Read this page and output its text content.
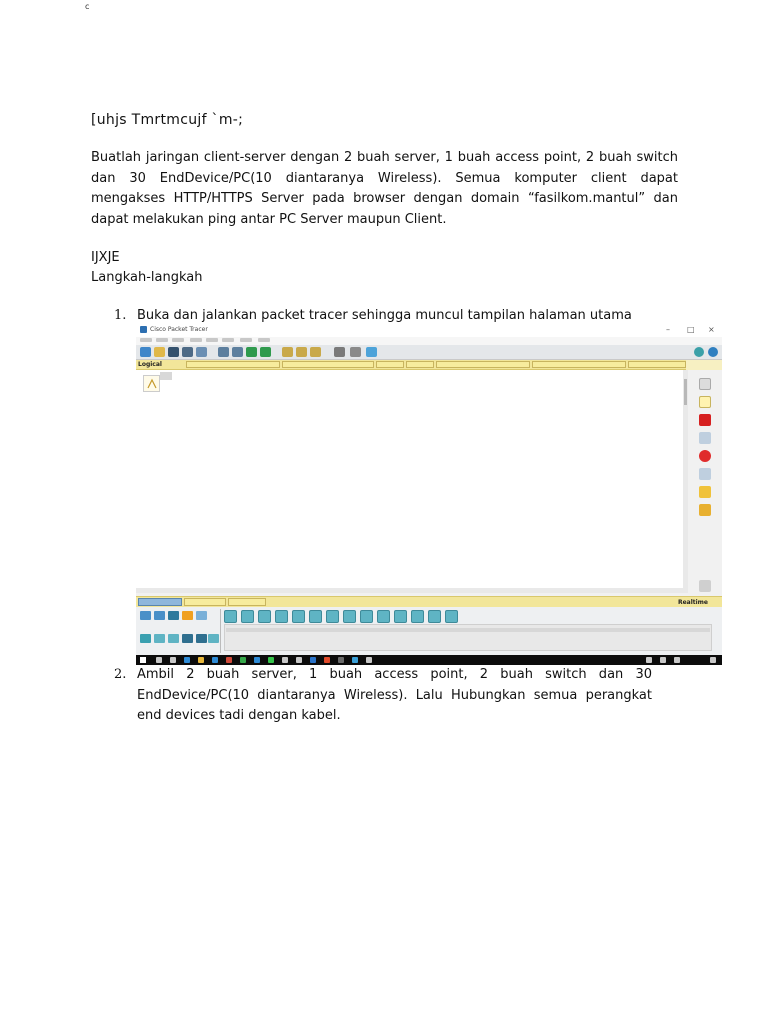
c
[uhjs Tmrtmcujf `m-;

Buatlah jaringan client-server dengan 2 buah server, 1 buah access point, 2 buah switch dan 30 EndDevice/PC(10 diantaranya Wireless). Semua komputer client dapat mengakses HTTP/HTTPS Server pada browser dengan domain “fasilkom.mantul” dan dapat melakukan ping antar PC Server maupun Client.

IJXJE
Langkah-langkah
1. Buka dan jalankan packet tracer sehingga muncul tampilan halaman utama
Cisco Packet Tracer	– □ ×
Logical
Realtime
2. Ambil 2 buah server, 1 buah access point, 2 buah switch dan 30 EndDevice/PC(10 diantaranya Wireless). Lalu Hubungkan semua perangkat end devices tadi dengan kabel.
